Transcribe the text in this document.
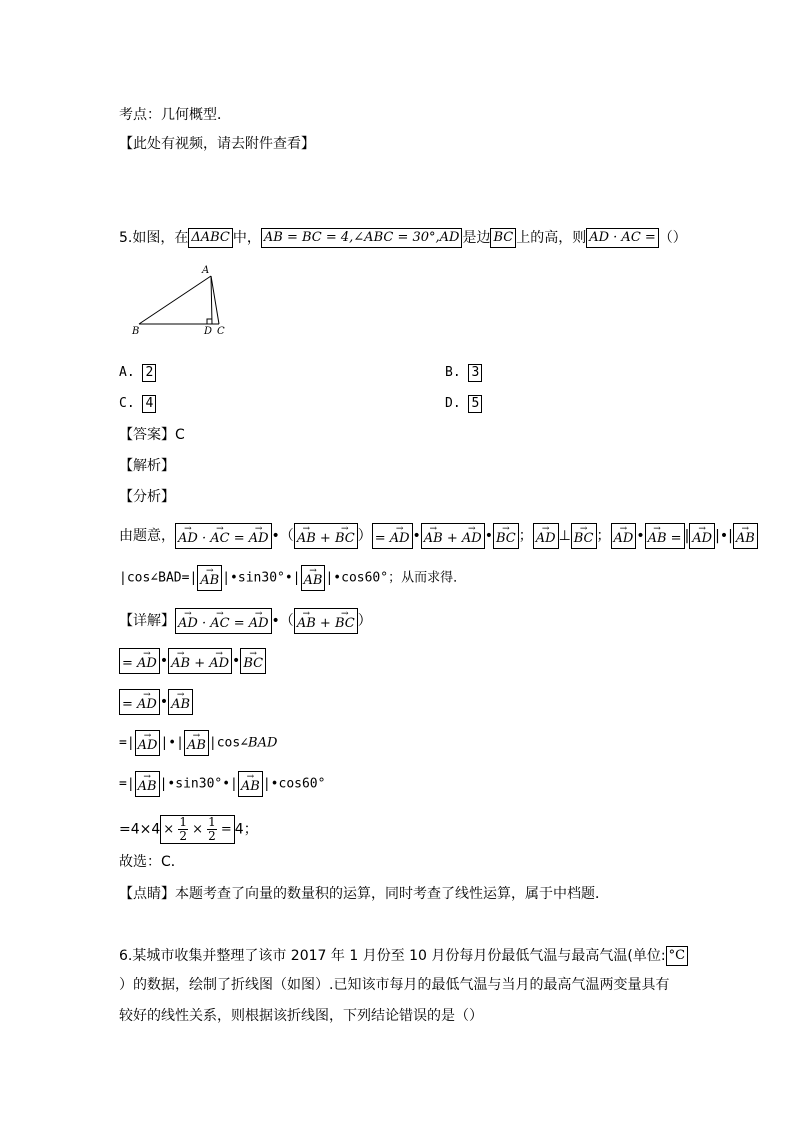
考点：几何概型．
【此处有视频，请去附件查看】
5.如图，在 ΔABC 中， AB = BC = 4,∠ABC = 30°,AD 是边 BC 上的高，则 AD · AC = （）
A
B	D C
A. 2	B. 3
C. 4	D. 5
【答案】C
【解析】
【分析】
由题意， → AD · → AC = → AD •（ → AB + → BC ） = → AD • → AB + → AD • → BC ； → AD ⊥ → BC ； → AD • → AB = | → AD |•| → AB
|cos∠BAD=| → AB |•sin30°•| → AB |•cos60°；从而求得．
【详解】 → AD · → AC = → AD •（ → AB + → BC ）
= → AD • → AB + → AD • → BC
= → AD • → AB
=| → AD |•| → AB |cos∠BAD
=| → AB |•sin30°•| → AB |•cos60°
$=4\times 4 \times \frac{1}{2} \times \frac{1}{2} = 4$；
故选：C．
【点睛】本题考查了向量的数量积的运算，同时考查了线性运算，属于中档题．
6.某城市收集并整理了该市 2017 年 1 月份至 10 月份每月份最低气温与最高气温(单位: °C
）的数据，绘制了折线图（如图）.已知该市每月的最低气温与当月的最高气温两变量具有
较好的线性关系，则根据该折线图，下列结论错误的是（）
